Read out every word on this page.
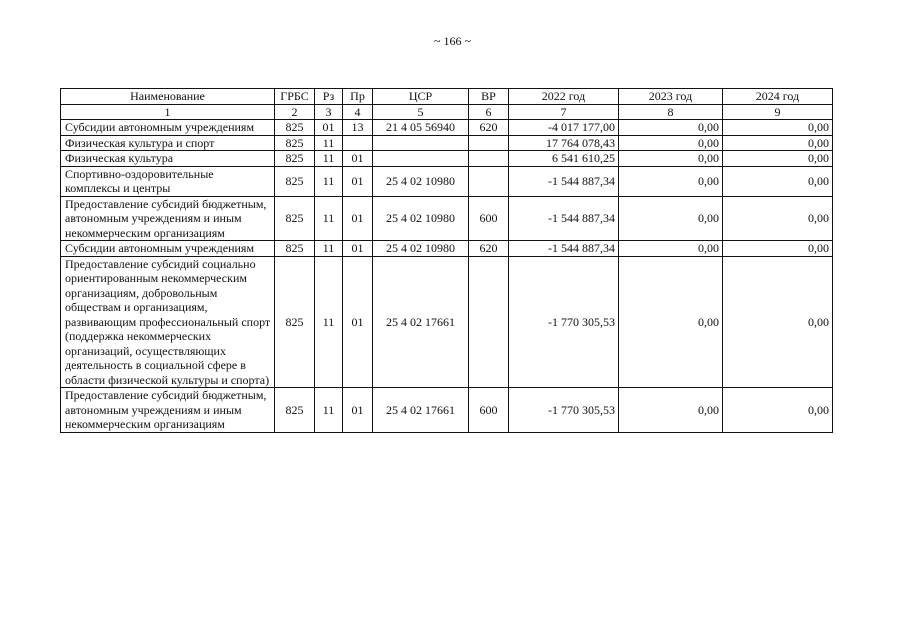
~ 166 ~
Наименование	ГРБС	Рз	Пр	ЦСР	ВР	2022 год	2023 год	2024 год
1	2	3	4	5	6	7	8	9
Субсидии автономным учреждениям	825	01	13	21 4 05 56940	620	-4 017 177,00	0,00	0,00
Физическая культура и спорт	825	11				17 764 078,43	0,00	0,00
Физическая культура	825	11	01			6 541 610,25	0,00	0,00
Спортивно-оздоровительные комплексы и центры	825	11	01	25 4 02 10980		-1 544 887,34	0,00	0,00
Предоставление субсидий бюджетным, автономным учреждениям и иным некоммерческим организациям	825	11	01	25 4 02 10980	600	-1 544 887,34	0,00	0,00
Субсидии автономным учреждениям	825	11	01	25 4 02 10980	620	-1 544 887,34	0,00	0,00
Предоставление субсидий социально ориентированным некоммерческим организациям, добровольным обществам и организациям, развивающим профессиональный спорт (поддержка некоммерческих организаций, осуществляющих деятельность в социальной сфере в области физической культуры и спорта)	825	11	01	25 4 02 17661		-1 770 305,53	0,00	0,00
Предоставление субсидий бюджетным, автономным учреждениям и иным некоммерческим организациям	825	11	01	25 4 02 17661	600	-1 770 305,53	0,00	0,00
